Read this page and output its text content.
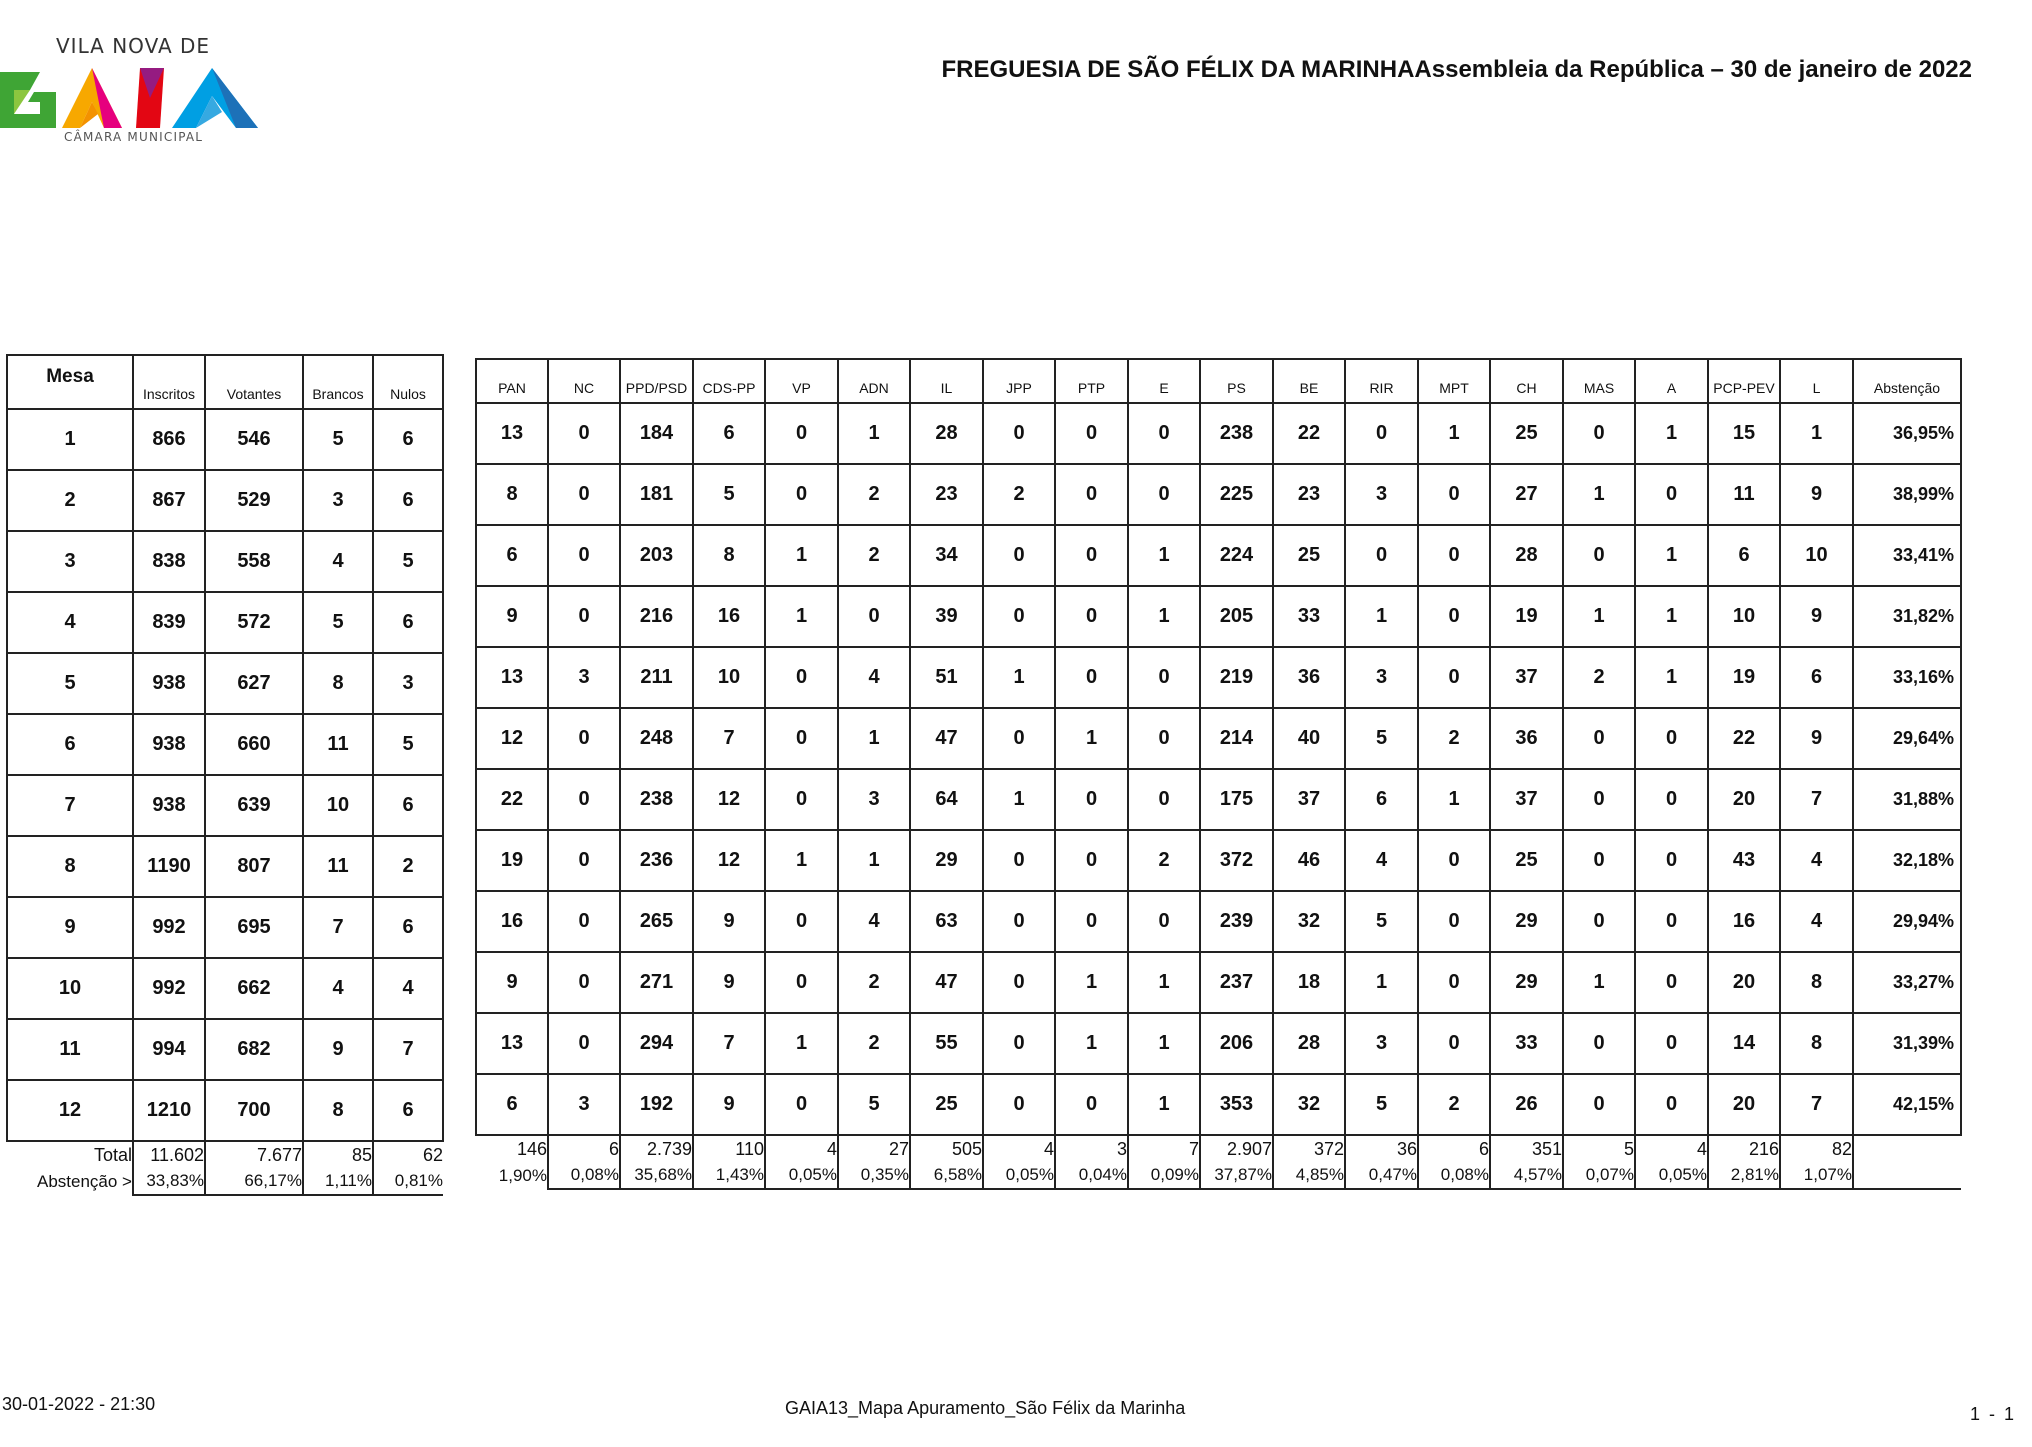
VILA NOVA DE
CÂMARA MUNICIPAL
FREGUESIA DE SÃO FÉLIX DA MARINHAAssembleia da República – 30 de janeiro de 2022
Mesa	Inscritos	Votantes	Brancos	Nulos
1	866	546	5	6
2	867	529	3	6
3	838	558	4	5
4	839	572	5	6
5	938	627	8	3
6	938	660	11	5
7	938	639	10	6
8	1190	807	11	2
9	992	695	7	6
10	992	662	4	4
11	994	682	9	7
12	1210	700	8	6
Total	11.602	7.677	85	62
Abstenção >	33,83%	66,17%	1,11%	0,81%
PAN	NC	PPD/PSD	CDS-PP	VP	ADN	IL	JPP	PTP	E	PS	BE	RIR	MPT	CH	MAS	A	PCP-PEV	L	Abstenção
13	0	184	6	0	1	28	0	0	0	238	22	0	1	25	0	1	15	1	36,95%
8	0	181	5	0	2	23	2	0	0	225	23	3	0	27	1	0	11	9	38,99%
6	0	203	8	1	2	34	0	0	1	224	25	0	0	28	0	1	6	10	33,41%
9	0	216	16	1	0	39	0	0	1	205	33	1	0	19	1	1	10	9	31,82%
13	3	211	10	0	4	51	1	0	0	219	36	3	0	37	2	1	19	6	33,16%
12	0	248	7	0	1	47	0	1	0	214	40	5	2	36	0	0	22	9	29,64%
22	0	238	12	0	3	64	1	0	0	175	37	6	1	37	0	0	20	7	31,88%
19	0	236	12	1	1	29	0	0	2	372	46	4	0	25	0	0	43	4	32,18%
16	0	265	9	0	4	63	0	0	0	239	32	5	0	29	0	0	16	4	29,94%
9	0	271	9	0	2	47	0	1	1	237	18	1	0	29	1	0	20	8	33,27%
13	0	294	7	1	2	55	0	1	1	206	28	3	0	33	0	0	14	8	31,39%
6	3	192	9	0	5	25	0	0	1	353	32	5	2	26	0	0	20	7	42,15%
146	6	2.739	110	4	27	505	4	3	7	2.907	372	36	6	351	5	4	216	82	
1,90%	0,08%	35,68%	1,43%	0,05%	0,35%	6,58%	0,05%	0,04%	0,09%	37,87%	4,85%	0,47%	0,08%	4,57%	0,07%	0,05%	2,81%	1,07%	
30-01-2022 - 21:30	GAIA13_Mapa Apuramento_São Félix da Marinha	1 - 1
